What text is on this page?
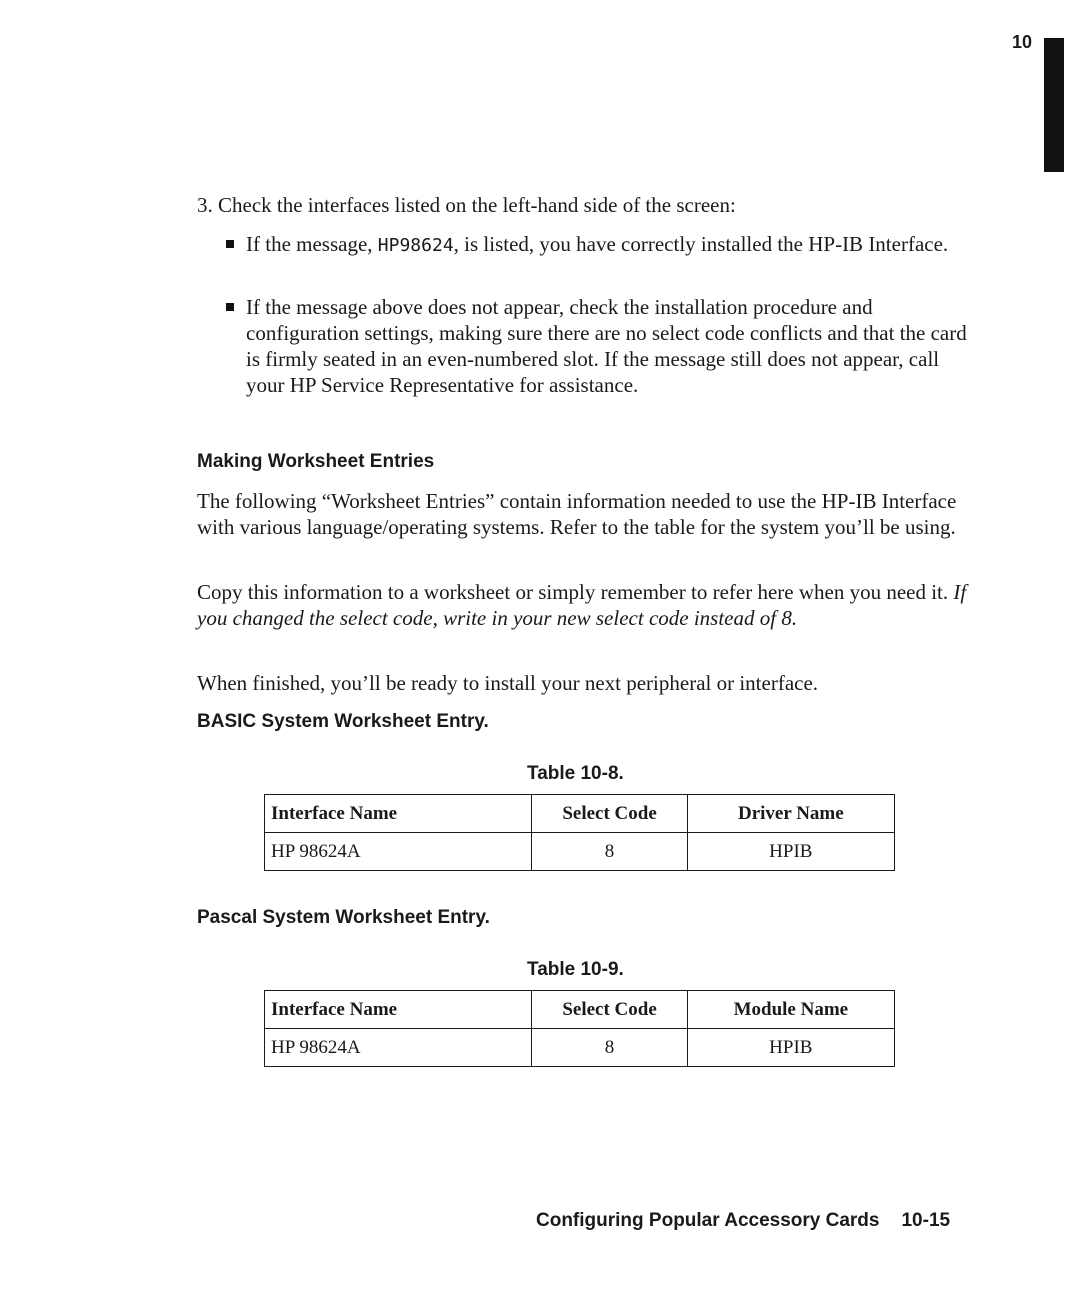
10
3. Check the interfaces listed on the left-hand side of the screen:
If the message, HP98624, is listed, you have correctly installed the HP-IB Interface.
If the message above does not appear, check the installation procedure and configuration settings, making sure there are no select code conflicts and that the card is firmly seated in an even-numbered slot. If the message still does not appear, call your HP Service Representative for assistance.
Making Worksheet Entries
The following “Worksheet Entries” contain information needed to use the HP-IB Interface with various language/operating systems. Refer to the table for the system you’ll be using.
Copy this information to a worksheet or simply remember to refer here when you need it. If you changed the select code, write in your new select code instead of 8.
When finished, you’ll be ready to install your next peripheral or interface.
BASIC System Worksheet Entry.
Table 10-8.
Interface Name	Select Code	Driver Name
HP 98624A	8	HPIB
Pascal System Worksheet Entry.
Table 10-9.
Interface Name	Select Code	Module Name
HP 98624A	8	HPIB
Configuring Popular Accessory Cards 10-15
